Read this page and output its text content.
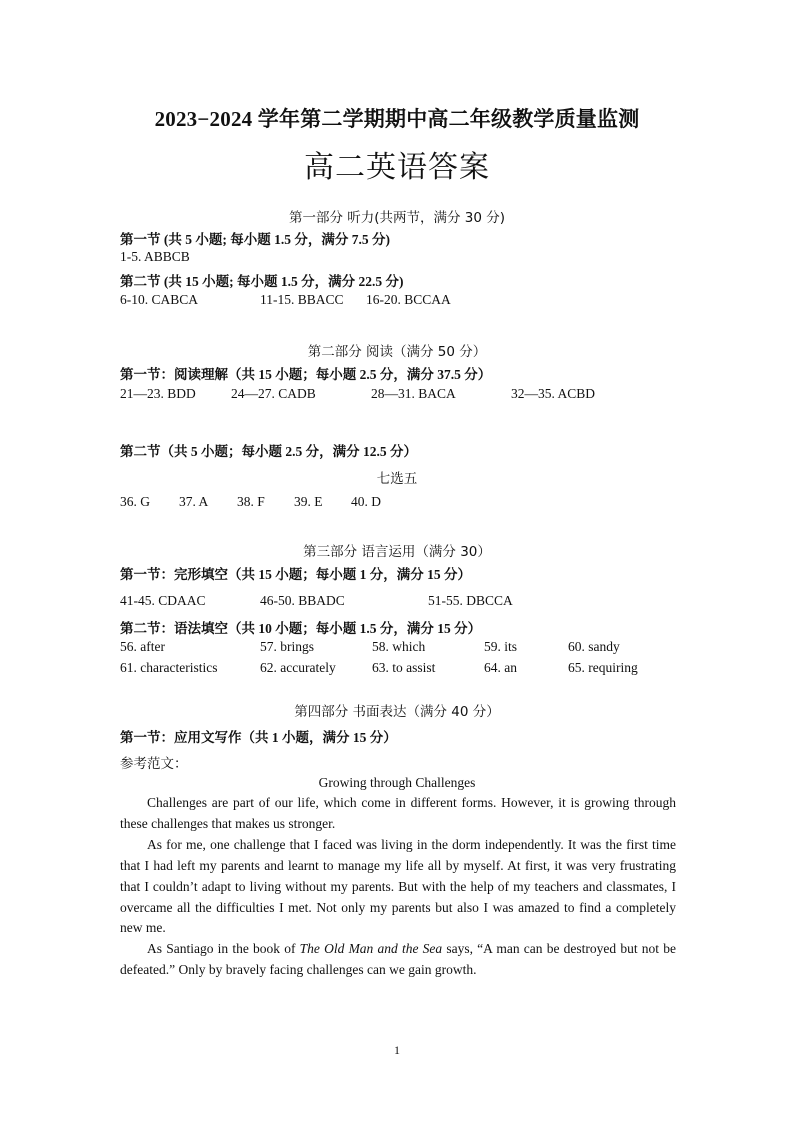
2023−2024 学年第二学期期中高二年级教学质量监测
高二英语答案
第一部分 听力(共两节，满分 30 分)
第一节 (共 5 小题; 每小题 1.5 分，满分 7.5 分)
1-5. ABBCB
第二节 (共 15 小题; 每小题 1.5 分，满分 22.5 分)
6-10. CABCA	11-15. BBACC 16-20. BCCAA
第二部分 阅读（满分 50 分）
第一节：阅读理解（共 15 小题；每小题 2.5 分，满分 37.5 分）
21—23. BDD	24—27. CADB	28—31. BACA	32—35. ACBD
第二节（共 5 小题；每小题 2.5 分，满分 12.5 分）
七选五
36. G 37. A 38. F 39. E 40. D
第三部分 语言运用（满分 30）
第一节：完形填空（共 15 小题；每小题 1 分，满分 15 分）
41-45. CDAAC	46-50. BBADC	51-55. DBCCA
第二节：语法填空（共 10 小题；每小题 1.5 分，满分 15 分）
56. after	57. brings	58. which	59. its	60. sandy
61. characteristics	62. accurately	63. to assist	64. an	65. requiring
第四部分 书面表达（满分 40 分）
第一节：应用文写作（共 1 小题，满分 15 分）
参考范文：
Growing through Challenges

Challenges are part of our life, which come in different forms. However, it is growing through these challenges that makes us stronger.

As for me, one challenge that I faced was living in the dorm independently. It was the first time that I had left my parents and learnt to manage my life all by myself. At first, it was very frustrating that I couldn’t adapt to living without my parents. But with the help of my teachers and classmates, I overcame all the difficulties I met. Not only my parents but also I was amazed to find a completely new me.

As Santiago in the book of The Old Man and the Sea says, “A man can be destroyed but not be defeated.” Only by bravely facing challenges can we gain growth.

1
